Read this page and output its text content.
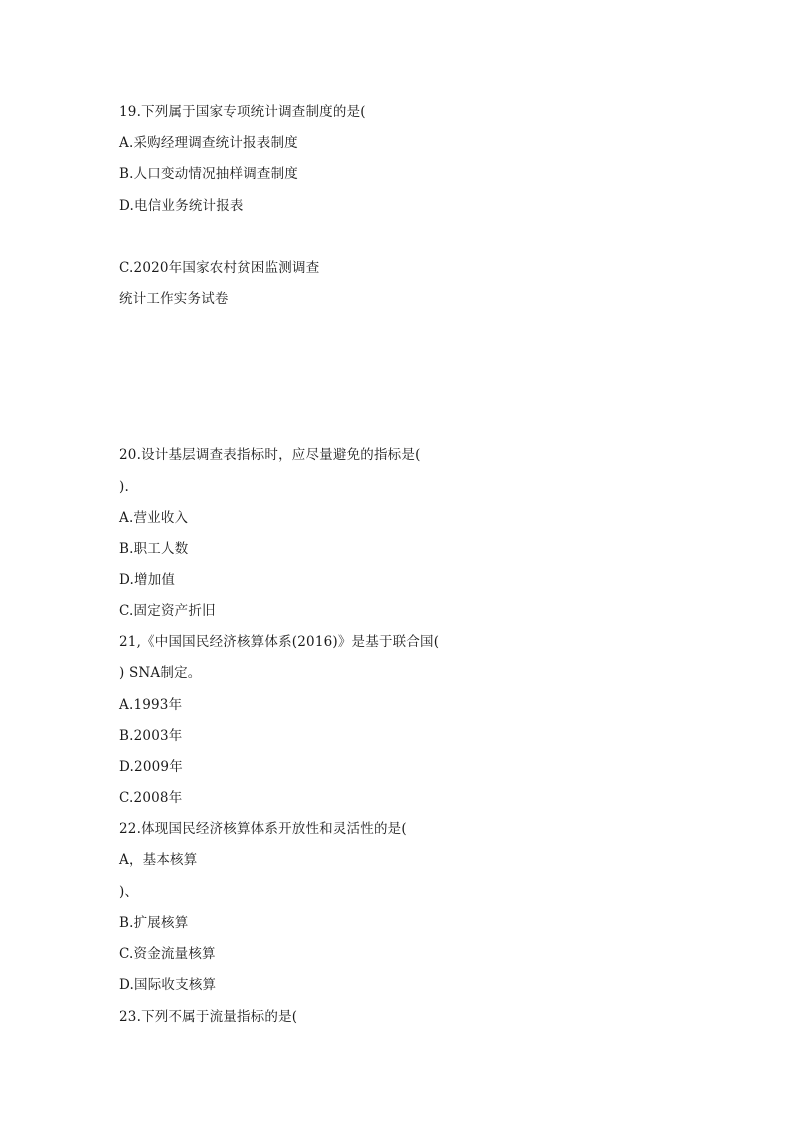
19.下列属于国家专项统计调查制度的是(
A.采购经理调查统计报表制度
B.人口变动情况抽样调查制度
D.电信业务统计报表
C.2020年国家农村贫困监测调查
统计工作实务试卷
20.设计基层调查表指标时，应尽量避免的指标是(
).
A.营业收入
B.职工人数
D.增加值
C.固定资产折旧
21,《中国国民经济核算体系(2016)》是基于联合国(
) SNA制定。
A.1993年
B.2003年
D.2009年
C.2008年
22.体现国民经济核算体系开放性和灵活性的是(
A，基本核算
)、
B.扩展核算
C.资金流量核算
D.国际收支核算
23.下列不属于流量指标的是(
